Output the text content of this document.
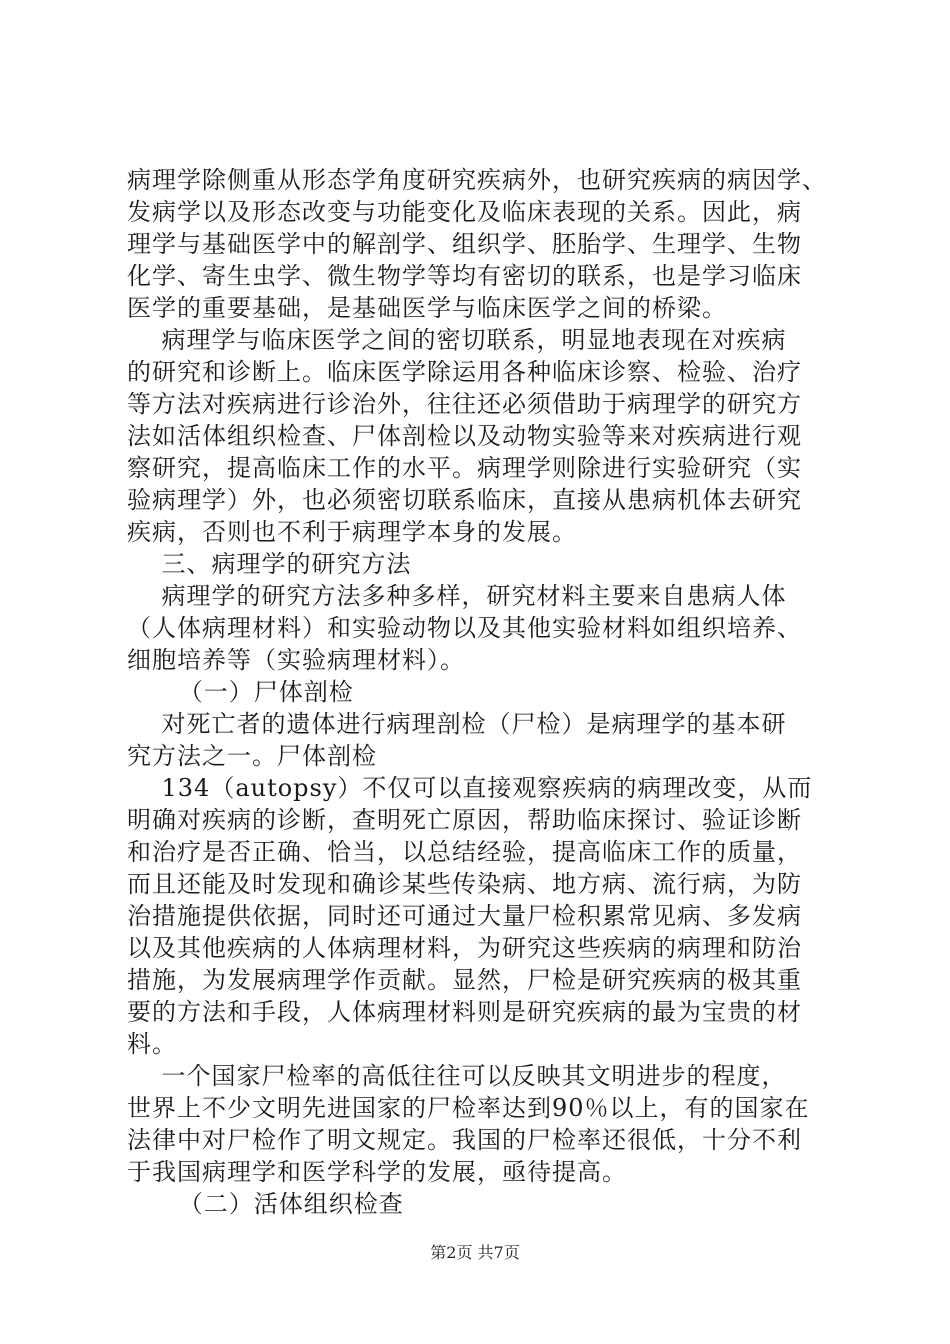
病理学除侧重从形态学角度研究疾病外，也研究疾病的病因学、
发病学以及形态改变与功能变化及临床表现的关系。因此，病
理学与基础医学中的解剖学、组织学、胚胎学、生理学、生物
化学、寄生虫学、微生物学等均有密切的联系，也是学习临床
医学的重要基础，是基础医学与临床医学之间的桥梁。
病理学与临床医学之间的密切联系，明显地表现在对疾病
的研究和诊断上。临床医学除运用各种临床诊察、检验、治疗
等方法对疾病进行诊治外，往往还必须借助于病理学的研究方
法如活体组织检查、尸体剖检以及动物实验等来对疾病进行观
察研究，提高临床工作的水平。病理学则除进行实验研究（实
验病理学）外，也必须密切联系临床，直接从患病机体去研究
疾病，否则也不利于病理学本身的发展。
三、病理学的研究方法
病理学的研究方法多种多样，研究材料主要来自患病人体
（人体病理材料）和实验动物以及其他实验材料如组织培养、
细胞培养等（实验病理材料）。
（一）尸体剖检
对死亡者的遗体进行病理剖检（尸检）是病理学的基本研
究方法之一。尸体剖检
134（autopsy）不仅可以直接观察疾病的病理改变，从而
明确对疾病的诊断，查明死亡原因，帮助临床探讨、验证诊断
和治疗是否正确、恰当，以总结经验，提高临床工作的质量，
而且还能及时发现和确诊某些传染病、地方病、流行病，为防
治措施提供依据，同时还可通过大量尸检积累常见病、多发病
以及其他疾病的人体病理材料，为研究这些疾病的病理和防治
措施，为发展病理学作贡献。显然，尸检是研究疾病的极其重
要的方法和手段，人体病理材料则是研究疾病的最为宝贵的材
料。
一个国家尸检率的高低往往可以反映其文明进步的程度，
世界上不少文明先进国家的尸检率达到90％以上，有的国家在
法律中对尸检作了明文规定。我国的尸检率还很低，十分不利
于我国病理学和医学科学的发展，亟待提高。
（二）活体组织检查
第2页 共7页
